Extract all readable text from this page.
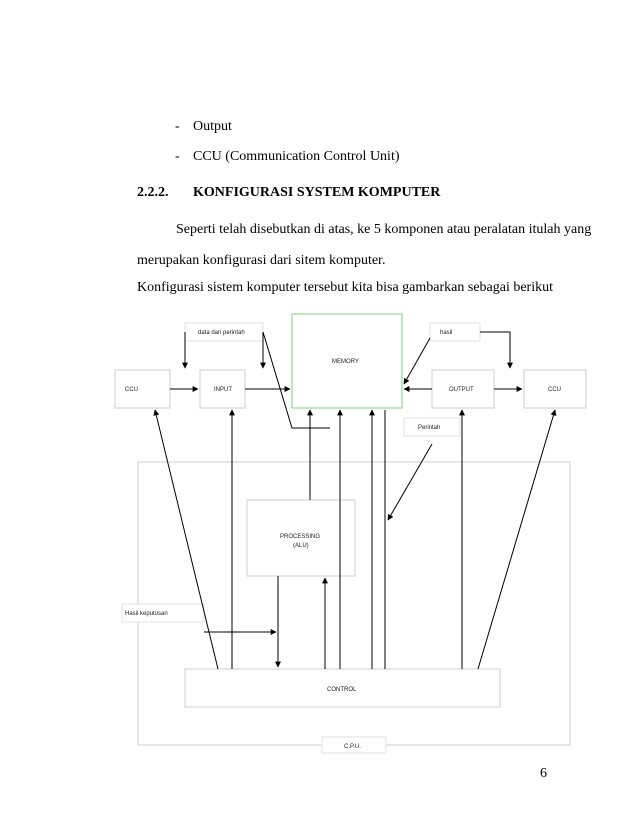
- Output
- CCU (Communication Control Unit)
2.2.2. KONFIGURASI SYSTEM KOMPUTER
Seperti telah disebutkan di atas, ke 5 komponen atau peralatan itulah yang
merupakan konfigurasi dari sitem komputer.
Konfigurasi sistem komputer tersebut kita bisa gambarkan sebagai berikut
data dan perintah	hasil
MEMORY
CCU	INPUT	OUTPUT	CCU
Perintah
PROCESSING
(ALU)
Hasil keputusan
CONTROL
C.P.U.
6
